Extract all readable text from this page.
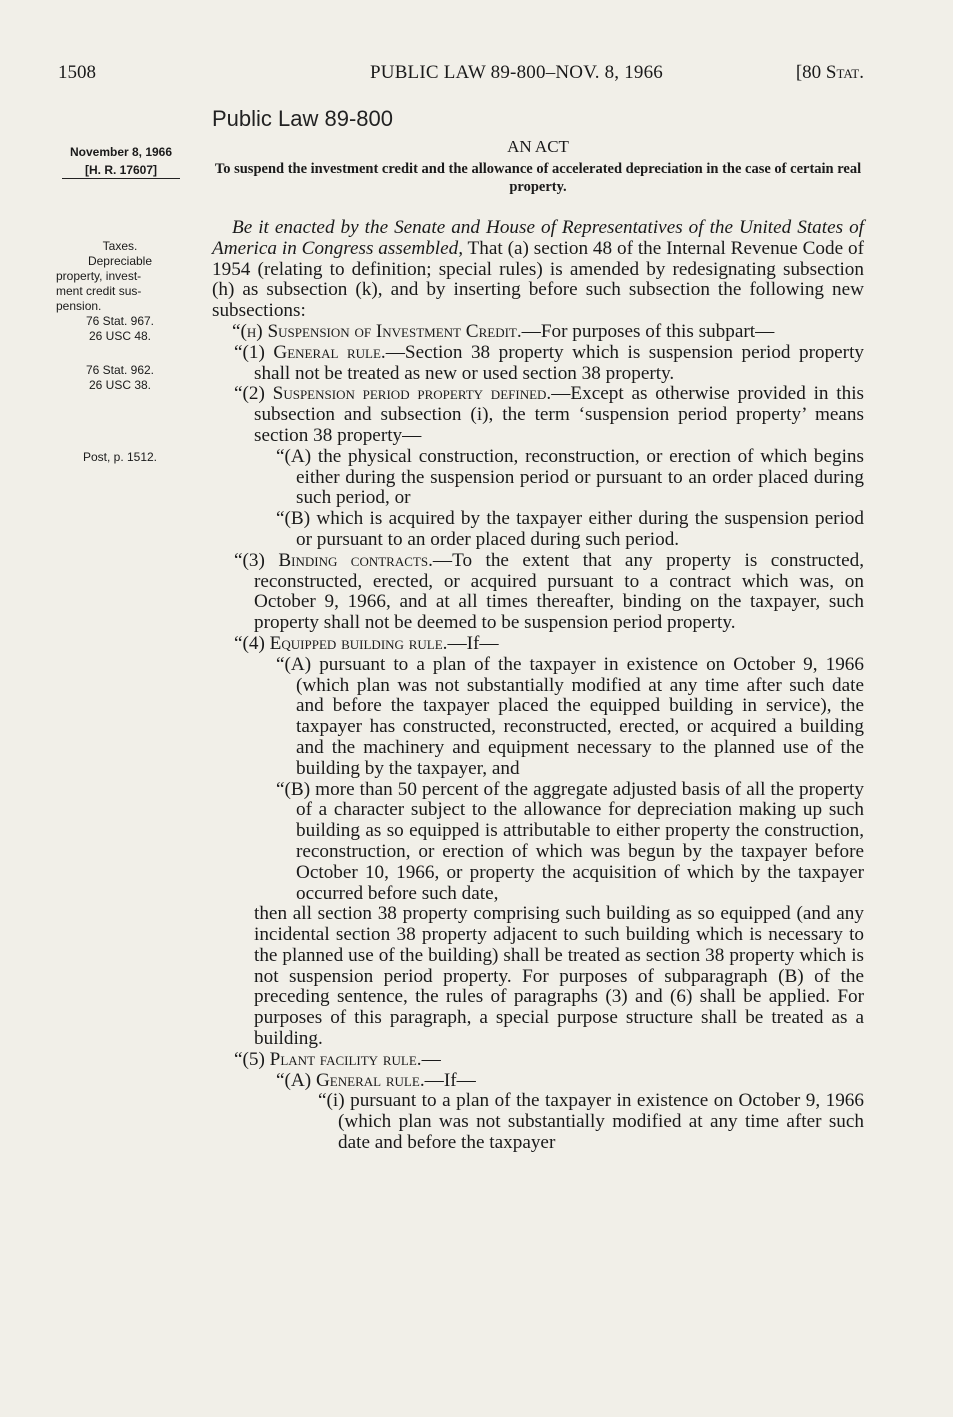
1508	PUBLIC LAW 89-800–NOV. 8, 1966	[80 Stat.
Public Law 89-800
November 8, 1966
[H. R. 17607]
AN ACT
To suspend the investment credit and the allowance of accelerated depreciation in the case of certain real property.
Taxes.
Depreciable
property, invest-
ment credit sus-
pension.
76 Stat. 967.
26 USC 48.
76 Stat. 962.
26 USC 38.
Post, p. 1512.

Be it enacted by the Senate and House of Representatives of the United States of America in Congress assembled, That (a) section 48 of the Internal Revenue Code of 1954 (relating to definition; special rules) is amended by redesignating subsection (h) as subsection (k), and by inserting before such subsection the following new subsections:

“(h) Suspension of Investment Credit.—For purposes of this subpart—

“(1) General rule.—Section 38 property which is suspension period property shall not be treated as new or used section 38 property.

“(2) Suspension period property defined.—Except as otherwise provided in this subsection and subsection (i), the term ‘suspension period property’ means section 38 property—

“(A) the physical construction, reconstruction, or erection of which begins either during the suspension period or pursuant to an order placed during such period, or

“(B) which is acquired by the taxpayer either during the suspension period or pursuant to an order placed during such period.

“(3) Binding contracts.—To the extent that any property is constructed, reconstructed, erected, or acquired pursuant to a contract which was, on October 9, 1966, and at all times thereafter, binding on the taxpayer, such property shall not be deemed to be suspension period property.

“(4) Equipped building rule.—If—

“(A) pursuant to a plan of the taxpayer in existence on October 9, 1966 (which plan was not substantially modified at any time after such date and before the taxpayer placed the equipped building in service), the taxpayer has constructed, reconstructed, erected, or acquired a building and the machinery and equipment necessary to the planned use of the building by the taxpayer, and

“(B) more than 50 percent of the aggregate adjusted basis of all the property of a character subject to the allowance for depreciation making up such building as so equipped is attributable to either property the construction, reconstruction, or erection of which was begun by the taxpayer before October 10, 1966, or property the acquisition of which by the taxpayer occurred before such date,

then all section 38 property comprising such building as so equipped (and any incidental section 38 property adjacent to such building which is necessary to the planned use of the building) shall be treated as section 38 property which is not suspension period property. For purposes of subparagraph (B) of the preceding sentence, the rules of paragraphs (3) and (6) shall be applied. For purposes of this paragraph, a special purpose structure shall be treated as a building.

“(5) Plant facility rule.—

“(A) General rule.—If—

“(i) pursuant to a plan of the taxpayer in existence on October 9, 1966 (which plan was not substantially modified at any time after such date and before the taxpayer
